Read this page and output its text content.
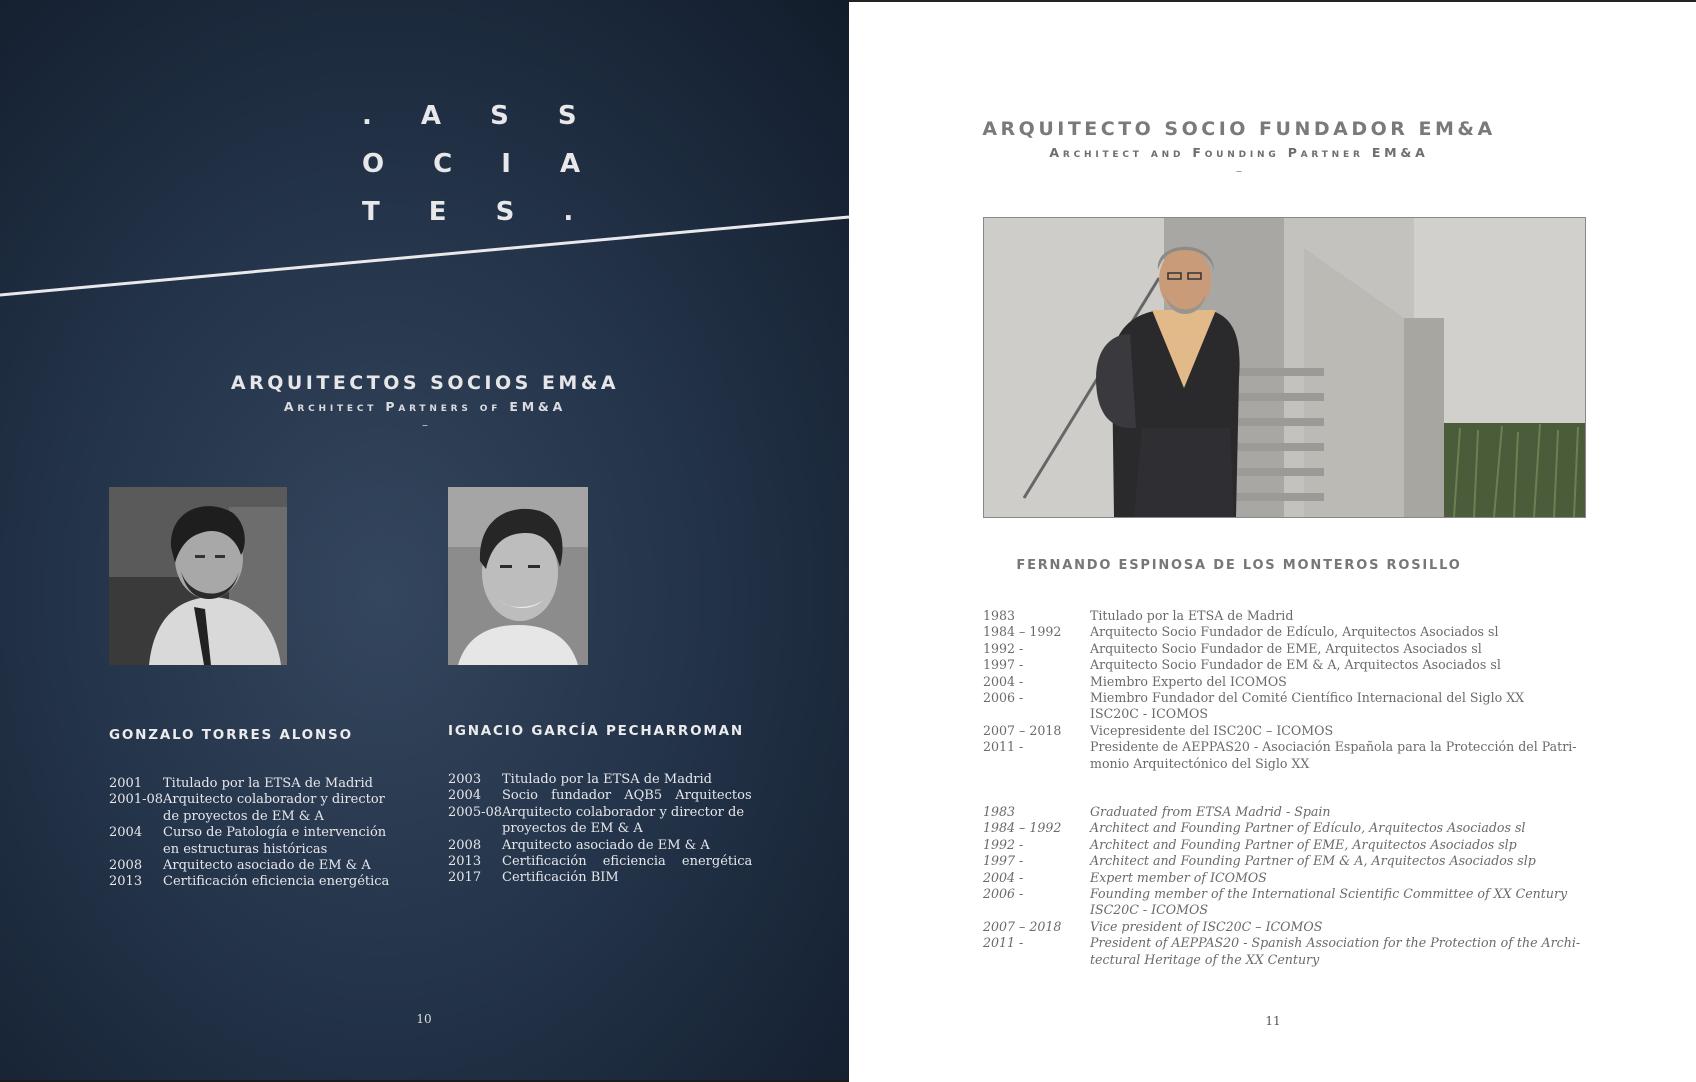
. A S S
O C I A
T E S .
ARQUITECTOS SOCIOS EM&A
Architect Partners of EM&A
–
GONZALO TORRES ALONSO	IGNACIO GARCÍA PECHARROMAN
2001	Titulado por la ETSA de Madrid
2001-08 Arquitecto colaborador y director de proyectos de EM & A
2004	Curso de Patología e intervención en estructuras históricas
2008	Arquitecto asociado de EM & A
2013	Certificación eficiencia energética
2003	Titulado por la ETSA de Madrid
2004	Socio fundador AQB5 Arquitectos
2005-08 Arquitecto colaborador y director de proyectos de EM & A
2008	Arquitecto asociado de EM & A
2013	Certificación eficiencia energética
2017	Certificación BIM
10
ARQUITECTO SOCIO FUNDADOR EM&A
Architect and Founding Partner EM&A
–
FERNANDO ESPINOSA DE LOS MONTEROS ROSILLO
1983	Titulado por la ETSA de Madrid
1984 – 1992	Arquitecto Socio Fundador de Edículo, Arquitectos Asociados sl
1992 -	Arquitecto Socio Fundador de EME, Arquitectos Asociados sl
1997 -	Arquitecto Socio Fundador de EM & A, Arquitectos Asociados sl
2004 -	Miembro Experto del ICOMOS
2006 -	Miembro Fundador del Comité Científico Internacional del Siglo XX ISC20C - ICOMOS
2007 – 2018	Vicepresidente del ISC20C – ICOMOS
2011 -	Presidente de AEPPAS20 - Asociación Española para la Protección del Patri-monio Arquitectónico del Siglo XX
1983	Graduated from ETSA Madrid - Spain
1984 – 1992	Architect and Founding Partner of Edículo, Arquitectos Asociados sl
1992 -	Architect and Founding Partner of EME, Arquitectos Asociados slp
1997 -	Architect and Founding Partner of EM & A, Arquitectos Asociados slp
2004 -	Expert member of ICOMOS
2006 -	Founding member of the International Scientific Committee of XX Century ISC20C - ICOMOS
2007 – 2018	Vice president of ISC20C – ICOMOS
2011 -	President of AEPPAS20 - Spanish Association for the Protection of the Archi-tectural Heritage of the XX Century
11
